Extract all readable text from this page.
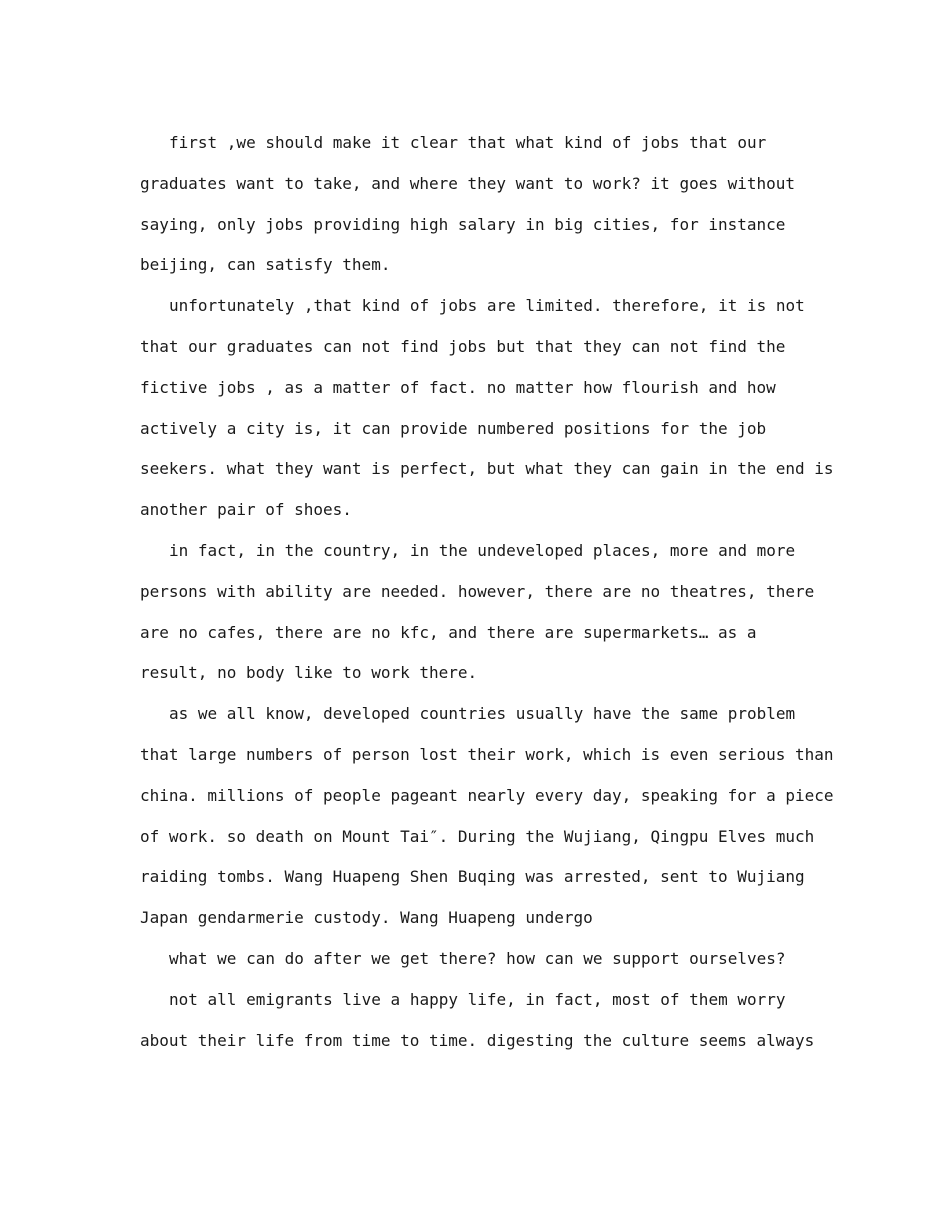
first ,we should make it clear that what kind of jobs that our
graduates want to take, and where they want to work? it goes without
saying, only jobs providing high salary in big cities, for instance
beijing, can satisfy them.
unfortunately ,that kind of jobs are limited. therefore, it is not
that our graduates can not find jobs but that they can not find the
fictive jobs , as a matter of fact. no matter how flourish and how
actively a city is, it can provide numbered positions for the job
seekers. what they want is perfect, but what they can gain in the end is
another pair of shoes.
in fact, in the country, in the undeveloped places, more and more
persons with ability are needed. however, there are no theatres, there
are no cafes, there are no kfc, and there are supermarkets… as a
result, no body like to work there.
as we all know, developed countries usually have the same problem
that large numbers of person lost their work, which is even serious than
china. millions of people pageant nearly every day, speaking for a piece
of work. so death on Mount Tai″. During the Wujiang, Qingpu Elves much
raiding tombs. Wang Huapeng Shen Buqing was arrested, sent to Wujiang
Japan gendarmerie custody. Wang Huapeng undergo
what we can do after we get there? how can we support ourselves?
not all emigrants live a happy life, in fact, most of them worry
about their life from time to time. digesting the culture seems always
